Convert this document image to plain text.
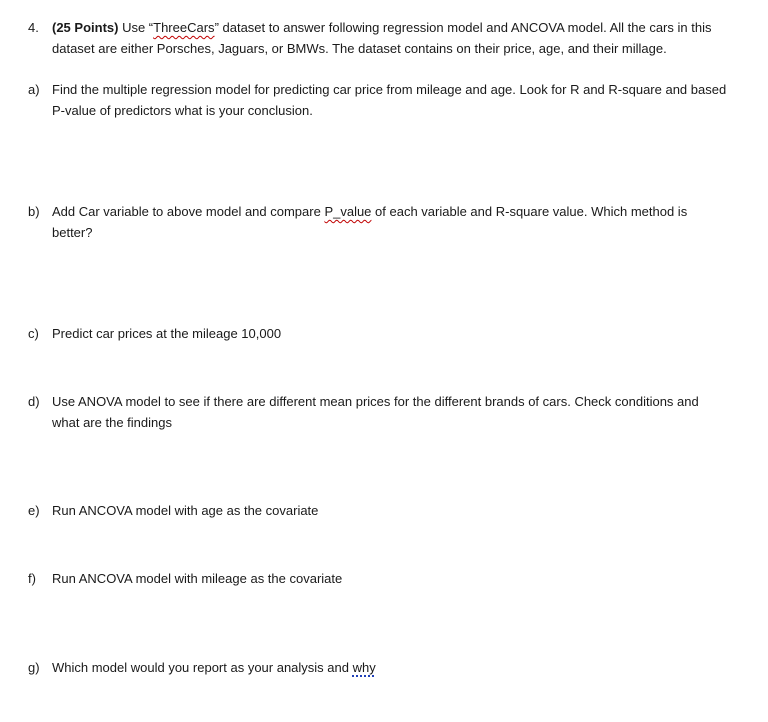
4. (25 Points) Use “ThreeCars” dataset to answer following regression model and ANCOVA model. All the cars in this
dataset are either Porsches, Jaguars, or BMWs. The dataset contains on their price, age, and their millage.
a) Find the multiple regression model for predicting car price from mileage and age. Look for R and R-square and based
P-value of predictors what is your conclusion.
b) Add Car variable to above model and compare P_value of each variable and R-square value. Which method is
better?
c) Predict car prices at the mileage 10,000
d) Use ANOVA model to see if there are different mean prices for the different brands of cars. Check conditions and
what are the findings
e) Run ANCOVA model with age as the covariate
f) Run ANCOVA model with mileage as the covariate
g) Which model would you report as your analysis and why
